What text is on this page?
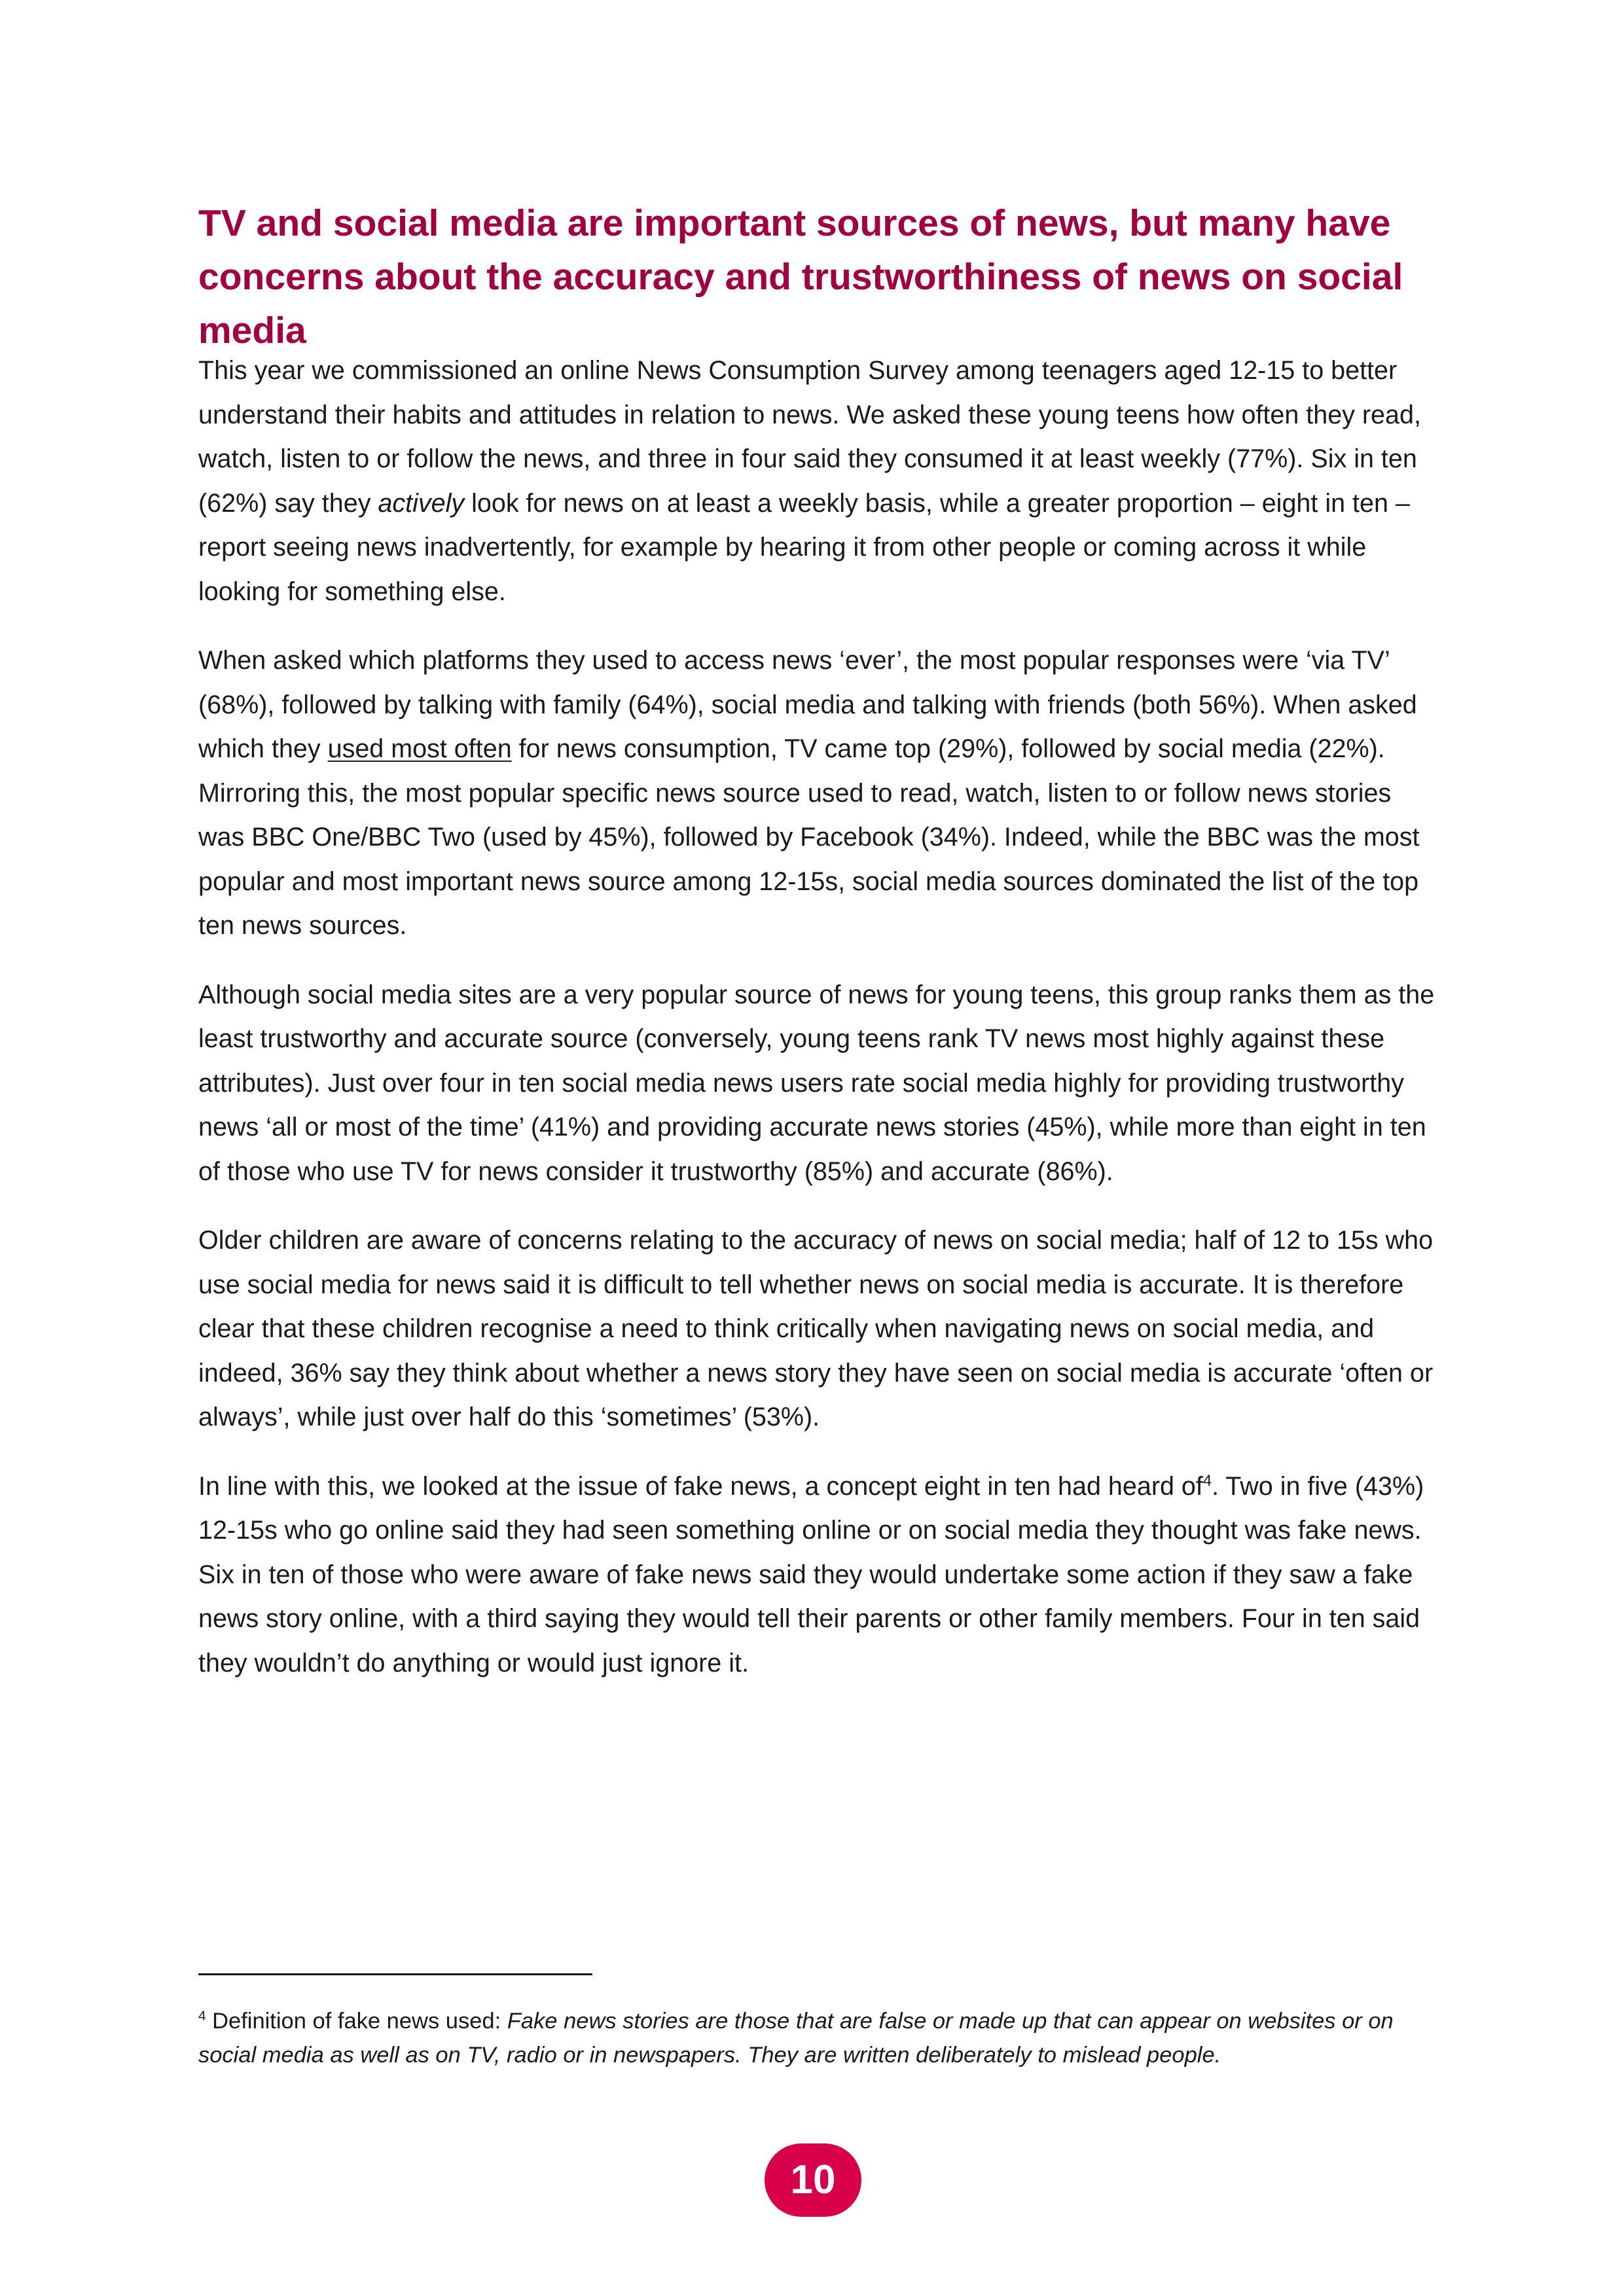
TV and social media are important sources of news, but many have concerns about the accuracy and trustworthiness of news on social media

This year we commissioned an online News Consumption Survey among teenagers aged 12-15 to better understand their habits and attitudes in relation to news. We asked these young teens how often they read, watch, listen to or follow the news, and three in four said they consumed it at least weekly (77%). Six in ten (62%) say they actively look for news on at least a weekly basis, while a greater proportion – eight in ten – report seeing news inadvertently, for example by hearing it from other people or coming across it while looking for something else.

When asked which platforms they used to access news ‘ever’, the most popular responses were ‘via TV’ (68%), followed by talking with family (64%), social media and talking with friends (both 56%). When asked which they used most often for news consumption, TV came top (29%), followed by social media (22%). Mirroring this, the most popular specific news source used to read, watch, listen to or follow news stories was BBC One/BBC Two (used by 45%), followed by Facebook (34%). Indeed, while the BBC was the most popular and most important news source among 12-15s, social media sources dominated the list of the top ten news sources.

Although social media sites are a very popular source of news for young teens, this group ranks them as the least trustworthy and accurate source (conversely, young teens rank TV news most highly against these attributes). Just over four in ten social media news users rate social media highly for providing trustworthy news ‘all or most of the time’ (41%) and providing accurate news stories (45%), while more than eight in ten of those who use TV for news consider it trustworthy (85%) and accurate (86%).

Older children are aware of concerns relating to the accuracy of news on social media; half of 12 to 15s who use social media for news said it is difficult to tell whether news on social media is accurate. It is therefore clear that these children recognise a need to think critically when navigating news on social media, and indeed, 36% say they think about whether a news story they have seen on social media is accurate ‘often or always’, while just over half do this ‘sometimes’ (53%).

In line with this, we looked at the issue of fake news, a concept eight in ten had heard $of^4$. Two in five (43%) 12-15s who go online said they had seen something online or on social media they thought was fake news. Six in ten of those who were aware of fake news said they would undertake some action if they saw a fake news story online, with a third saying they would tell their parents or other family members. Four in ten said they wouldn’t do anything or would just ignore it.

$^4$ Definition of fake news used: Fake news stories are those that are false or made up that can appear on websites or on social media as well as on TV, radio or in newspapers. They are written deliberately to mislead people.
10
